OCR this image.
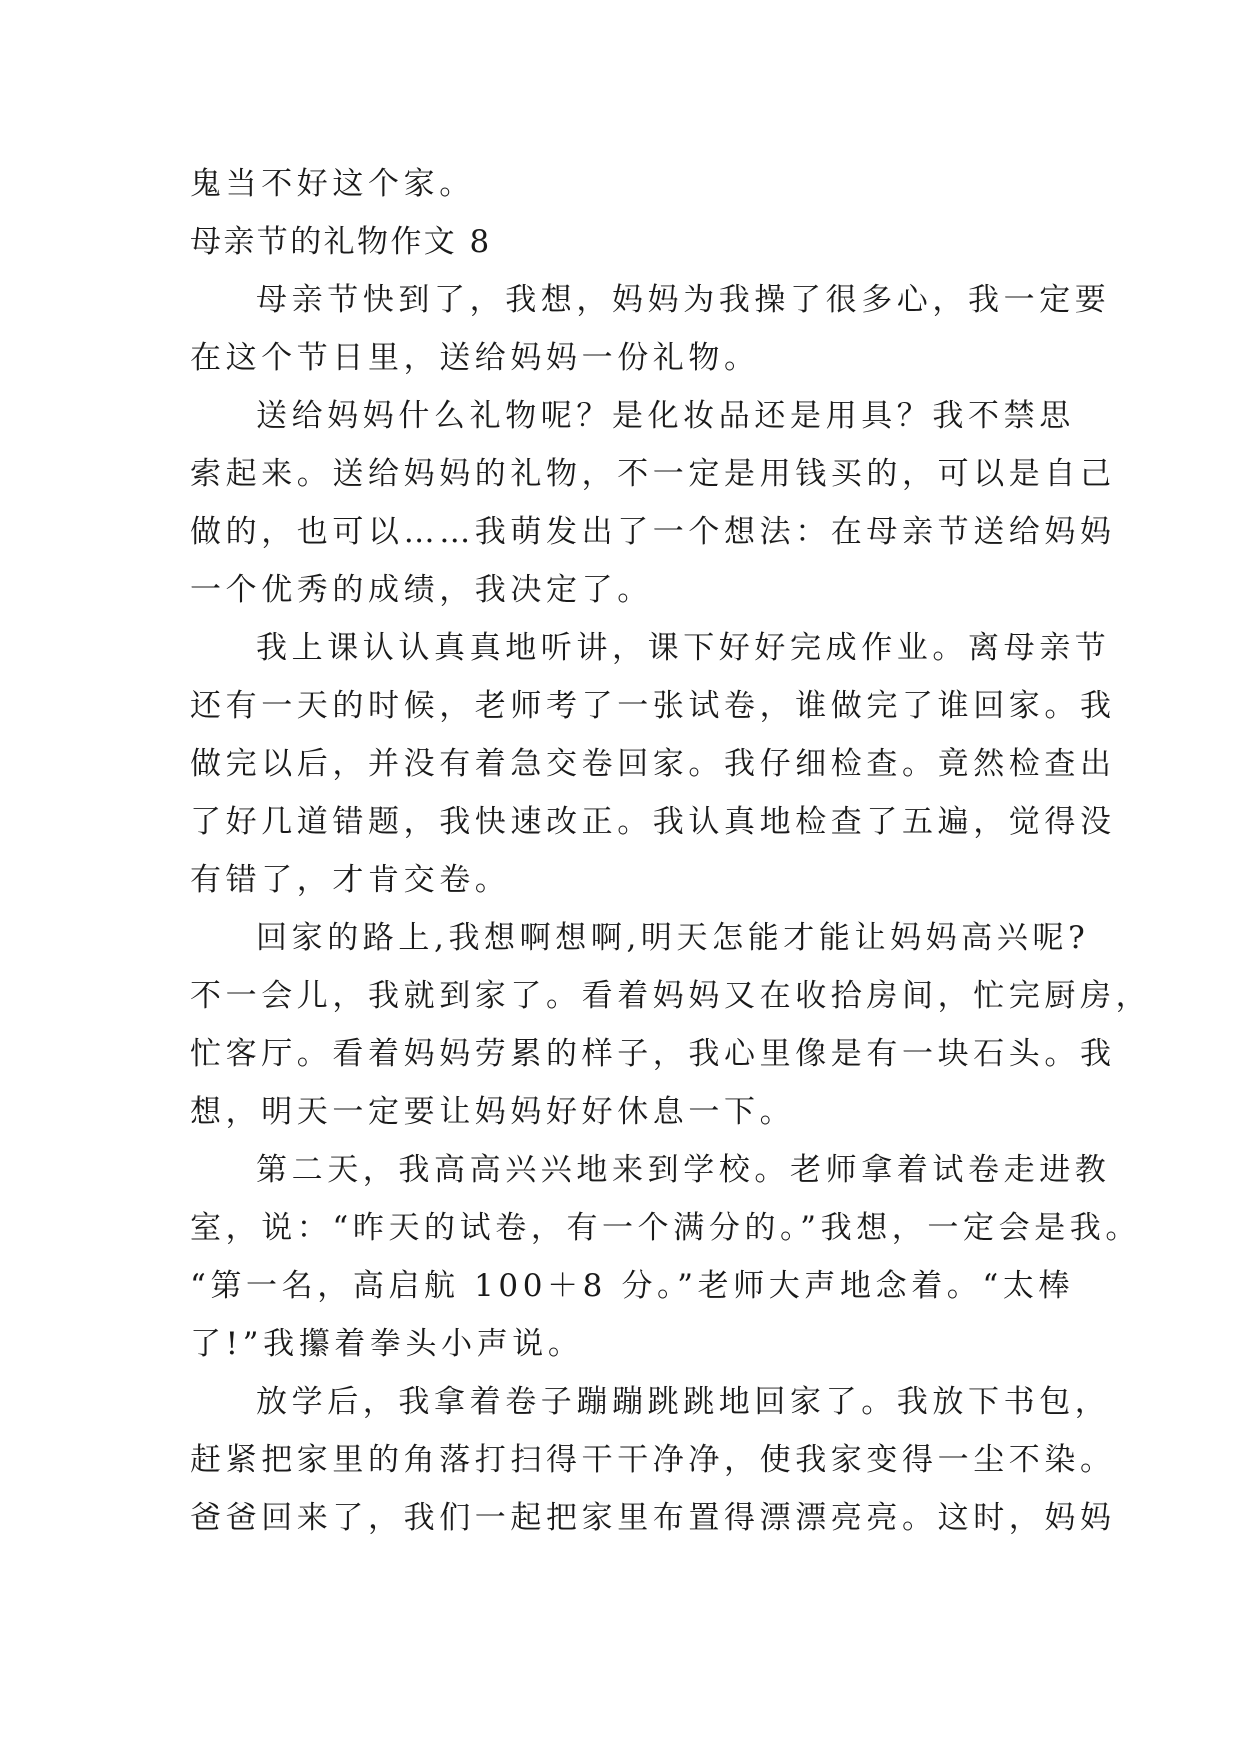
鬼当不好这个家。
母亲节的礼物作文 8
母亲节快到了，我想，妈妈为我操了很多心，我一定要
在这个节日里，送给妈妈一份礼物。
送给妈妈什么礼物呢？是化妆品还是用具？我不禁思
索起来。送给妈妈的礼物，不一定是用钱买的，可以是自己
做的，也可以……我萌发出了一个想法：在母亲节送给妈妈
一个优秀的成绩，我决定了。
我上课认认真真地听讲，课下好好完成作业。离母亲节
还有一天的时候，老师考了一张试卷，谁做完了谁回家。我
做完以后，并没有着急交卷回家。我仔细检查。竟然检查出
了好几道错题，我快速改正。我认真地检查了五遍，觉得没
有错了，才肯交卷。
回家的路上,我想啊想啊,明天怎能才能让妈妈高兴呢?
不一会儿，我就到家了。看着妈妈又在收拾房间，忙完厨房，
忙客厅。看着妈妈劳累的样子，我心里像是有一块石头。我
想，明天一定要让妈妈好好休息一下。
第二天，我高高兴兴地来到学校。老师拿着试卷走进教
室，说：“昨天的试卷，有一个满分的。”我想，一定会是我。
“第一名，高启航 100＋8 分。”老师大声地念着。“太棒
了!”我攥着拳头小声说。
放学后，我拿着卷子蹦蹦跳跳地回家了。我放下书包，
赶紧把家里的角落打扫得干干净净，使我家变得一尘不染。
爸爸回来了，我们一起把家里布置得漂漂亮亮。这时，妈妈
